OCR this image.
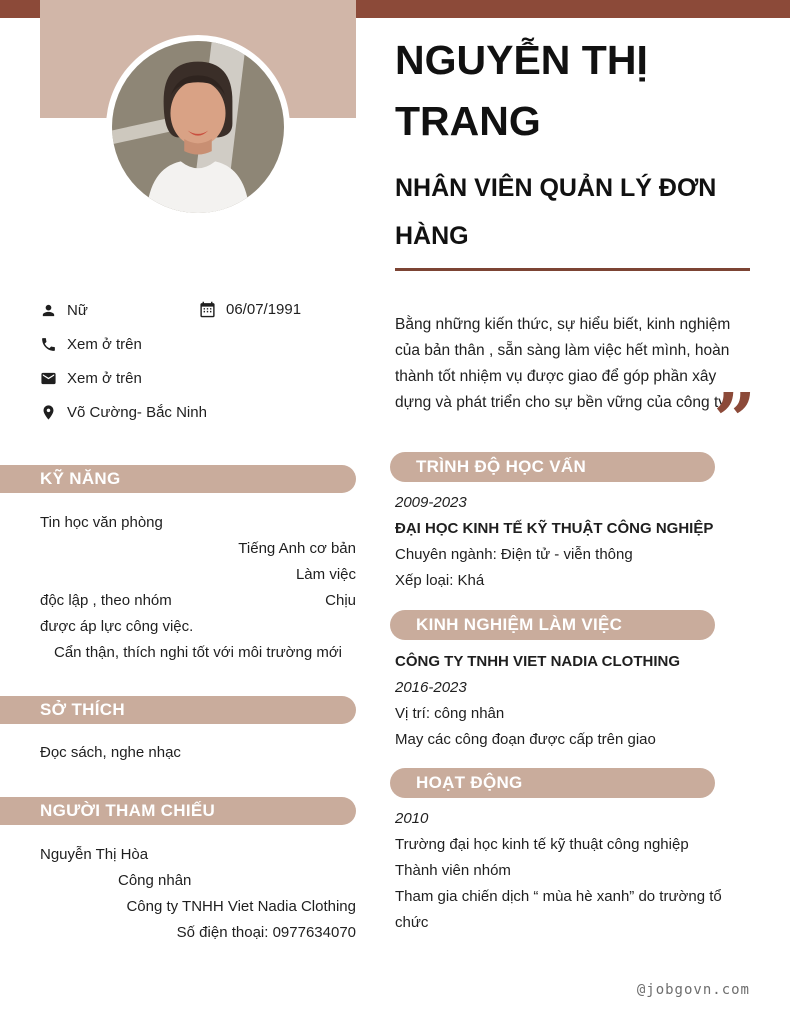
Nữ	06/07/1991
Xem ở trên
Xem ở trên
Võ Cường- Bắc Ninh
KỸ NĂNG
Tin học văn phòng
Tiếng Anh cơ bản
Làm việc
độc lập , theo nhóm	Chịu
được áp lực công việc.
Cẩn thận, thích nghi tốt với môi trường mới
SỞ THÍCH
Đọc sách, nghe nhạc
NGƯỜI THAM CHIẾU
Nguyễn Thị Hòa
Công nhân
Công ty TNHH Viet Nadia Clothing
Số điện thoại: 0977634070
NGUYỄN THỊ TRANG
NHÂN VIÊN QUẢN LÝ ĐƠN HÀNG
Bằng những kiến thức, sự hiểu biết, kinh nghiệm của bản thân , sẵn sàng làm việc hết mình, hoàn thành tốt nhiệm vụ được giao để góp phần xây dựng và phát triển cho sự bền vững của công ty.
”
TRÌNH ĐỘ HỌC VẤN
2009-2023
ĐẠI HỌC KINH TẾ KỸ THUẬT CÔNG NGHIỆP
Chuyên ngành: Điện tử - viễn thông
Xếp loại: Khá
KINH NGHIỆM LÀM VIỆC
CÔNG TY TNHH VIET NADIA CLOTHING
2016-2023
Vị trí: công nhân
May các công đoạn được cấp trên giao
HOẠT ĐỘNG
2010
Trường đại học kinh tế kỹ thuật công nghiệp
Thành viên nhóm
Tham gia chiến dịch “ mùa hè xanh” do trường tổ chức
@jobgovn.com
